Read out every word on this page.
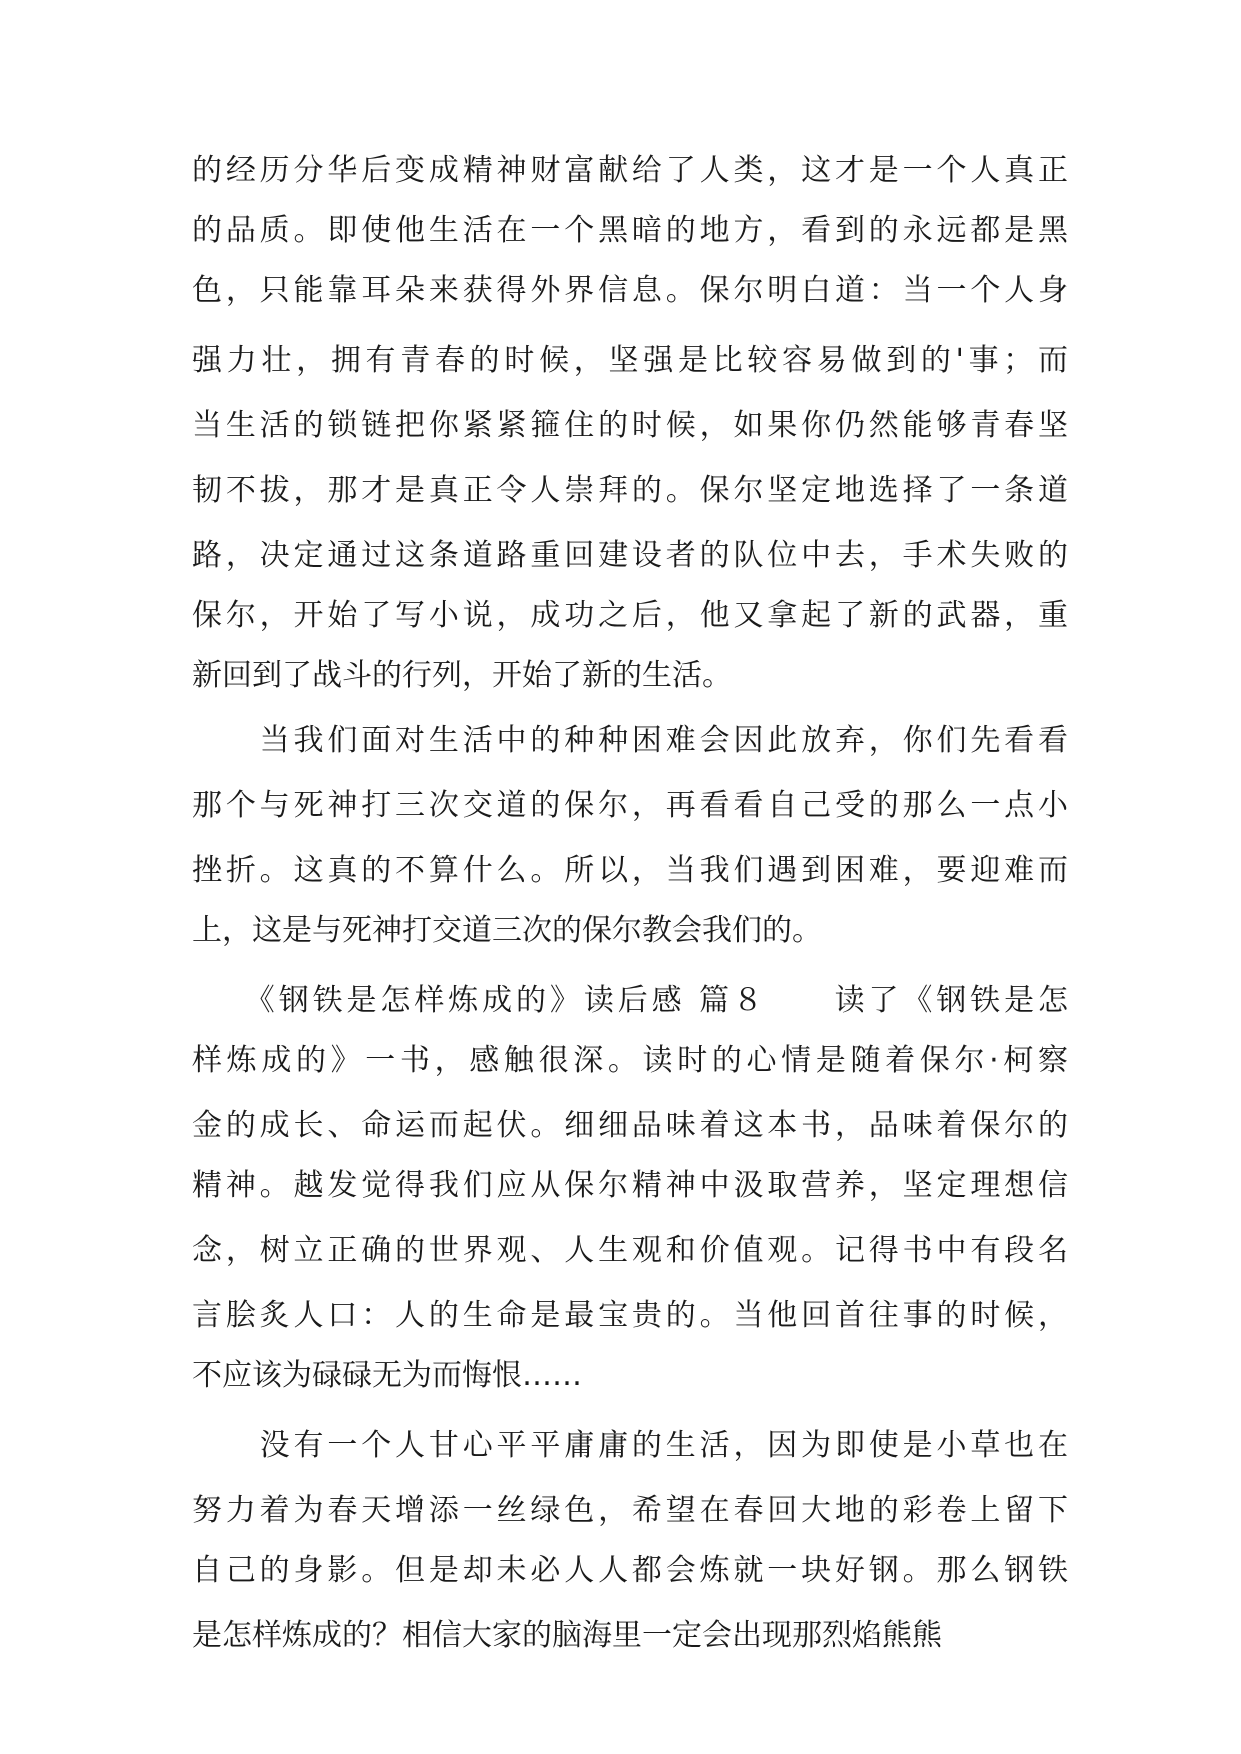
的经历分华后变成精神财富献给了人类，这才是一个人真正
的品质。即使他生活在一个黑暗的地方，看到的永远都是黑
色，只能靠耳朵来获得外界信息。保尔明白道：当一个人身
强力壮，拥有青春的时候，坚强是比较容易做到的'事；而
当生活的锁链把你紧紧箍住的时候，如果你仍然能够青春坚
韧不拔，那才是真正令人崇拜的。保尔坚定地选择了一条道
路，决定通过这条道路重回建设者的队位中去，手术失败的
保尔，开始了写小说，成功之后，他又拿起了新的武器，重
新回到了战斗的行列，开始了新的生活。
　　当我们面对生活中的种种困难会因此放弃，你们先看看
那个与死神打三次交道的保尔，再看看自己受的那么一点小
挫折。这真的不算什么。所以，当我们遇到困难，要迎难而
上，这是与死神打交道三次的保尔教会我们的。
　　《钢铁是怎样炼成的》读后感 篇８　　读了《钢铁是怎
样炼成的》一书，感触很深。读时的心情是随着保尔·柯察
金的成长、命运而起伏。细细品味着这本书，品味着保尔的
精神。越发觉得我们应从保尔精神中汲取营养，坚定理想信
念，树立正确的世界观、人生观和价值观。记得书中有段名
言脍炙人口：人的生命是最宝贵的。当他回首往事的时候，
不应该为碌碌无为而悔恨……
　　没有一个人甘心平平庸庸的生活，因为即使是小草也在
努力着为春天增添一丝绿色，希望在春回大地的彩卷上留下
自己的身影。但是却未必人人都会炼就一块好钢。那么钢铁
是怎样炼成的？相信大家的脑海里一定会出现那烈焰熊熊
